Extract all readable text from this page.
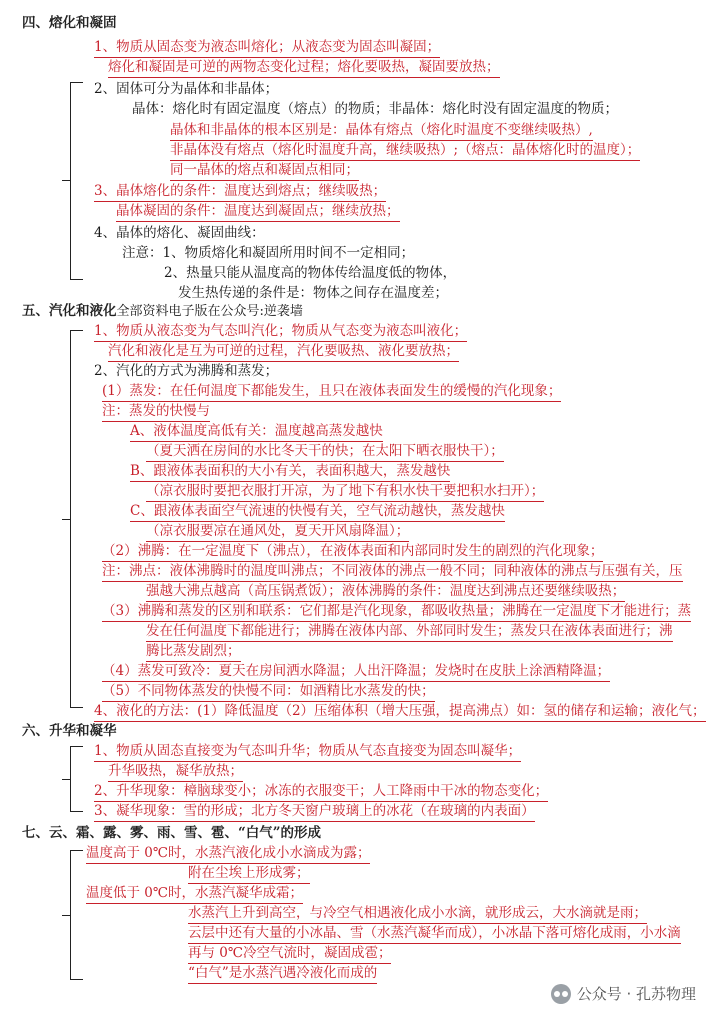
四、熔化和凝固
1、物质从固态变为液态叫熔化；从液态变为固态叫凝固；
熔化和凝固是可逆的两物态变化过程；熔化要吸热，凝固要放热；
2、固体可分为晶体和非晶体；
晶体：熔化时有固定温度（熔点）的物质；非晶体：熔化时没有固定温度的物质；
晶体和非晶体的根本区别是：晶体有熔点（熔化时温度不变继续吸热）,
非晶体没有熔点（熔化时温度升高，继续吸热）;（熔点：晶体熔化时的温度）；
同一晶体的熔点和凝固点相同；
3、晶体熔化的条件：温度达到熔点；继续吸热；
晶体凝固的条件：温度达到凝固点；继续放热；
4、晶体的熔化、凝固曲线：
注意：1、物质熔化和凝固所用时间不一定相同；
2、热量只能从温度高的物体传给温度低的物体，
发生热传递的条件是：物体之间存在温度差；
五、汽化和液化全部资料电子版在公众号:逆袭墙
1、物质从液态变为气态叫汽化；物质从气态变为液态叫液化；
汽化和液化是互为可逆的过程，汽化要吸热、液化要放热；
2、汽化的方式为沸腾和蒸发；
(1）蒸发：在任何温度下都能发生，且只在液体表面发生的缓慢的汽化现象；
注：蒸发的快慢与
A、液体温度高低有关：温度越高蒸发越快
（夏天洒在房间的水比冬天干的快；在太阳下晒衣服快干）；
B、跟液体表面积的大小有关，表面积越大，蒸发越快
（凉衣服时要把衣服打开凉，为了地下有积水快干要把积水扫开）；
C、跟液体表面空气流速的快慢有关，空气流动越快，蒸发越快
（凉衣服要凉在通风处，夏天开风扇降温）；
（2）沸腾：在一定温度下（沸点），在液体表面和内部同时发生的剧烈的汽化现象；
注：沸点：液体沸腾时的温度叫沸点；不同液体的沸点一般不同；同种液体的沸点与压强有关，压
强越大沸点越高（高压锅煮饭）；液体沸腾的条件：温度达到沸点还要继续吸热；
（3）沸腾和蒸发的区别和联系：它们都是汽化现象，都吸收热量；沸腾在一定温度下才能进行；蒸
发在任何温度下都能进行；沸腾在液体内部、外部同时发生；蒸发只在液体表面进行；沸
腾比蒸发剧烈；
（4）蒸发可致冷：夏天在房间洒水降温；人出汗降温；发烧时在皮肤上涂酒精降温；
（5）不同物体蒸发的快慢不同：如酒精比水蒸发的快；
4、液化的方法：(1）降低温度（2）压缩体积（增大压强，提高沸点）如：氢的储存和运输；液化气；
六、升华和凝华
1、物质从固态直接变为气态叫升华；物质从气态直接变为固态叫凝华；
升华吸热，凝华放热；
2、升华现象：樟脑球变小；冰冻的衣服变干；人工降雨中干冰的物态变化；
3、凝华现象：雪的形成；北方冬天窗户玻璃上的冰花（在玻璃的内表面）
七、云、霜、露、雾、雨、雪、雹、“白气”的形成
温度高于 0℃时，水蒸汽液化成小水滴成为露；
附在尘埃上形成雾；
温度低于 0℃时，水蒸汽凝华成霜；
水蒸汽上升到高空，与冷空气相遇液化成小水滴，就形成云，大水滴就是雨；
云层中还有大量的小冰晶、雪（水蒸汽凝华而成），小冰晶下落可熔化成雨，小水滴
再与 0℃冷空气流时，凝固成雹；
“白气”是水蒸汽遇冷液化而成的
公众号 · 孔苏物理
